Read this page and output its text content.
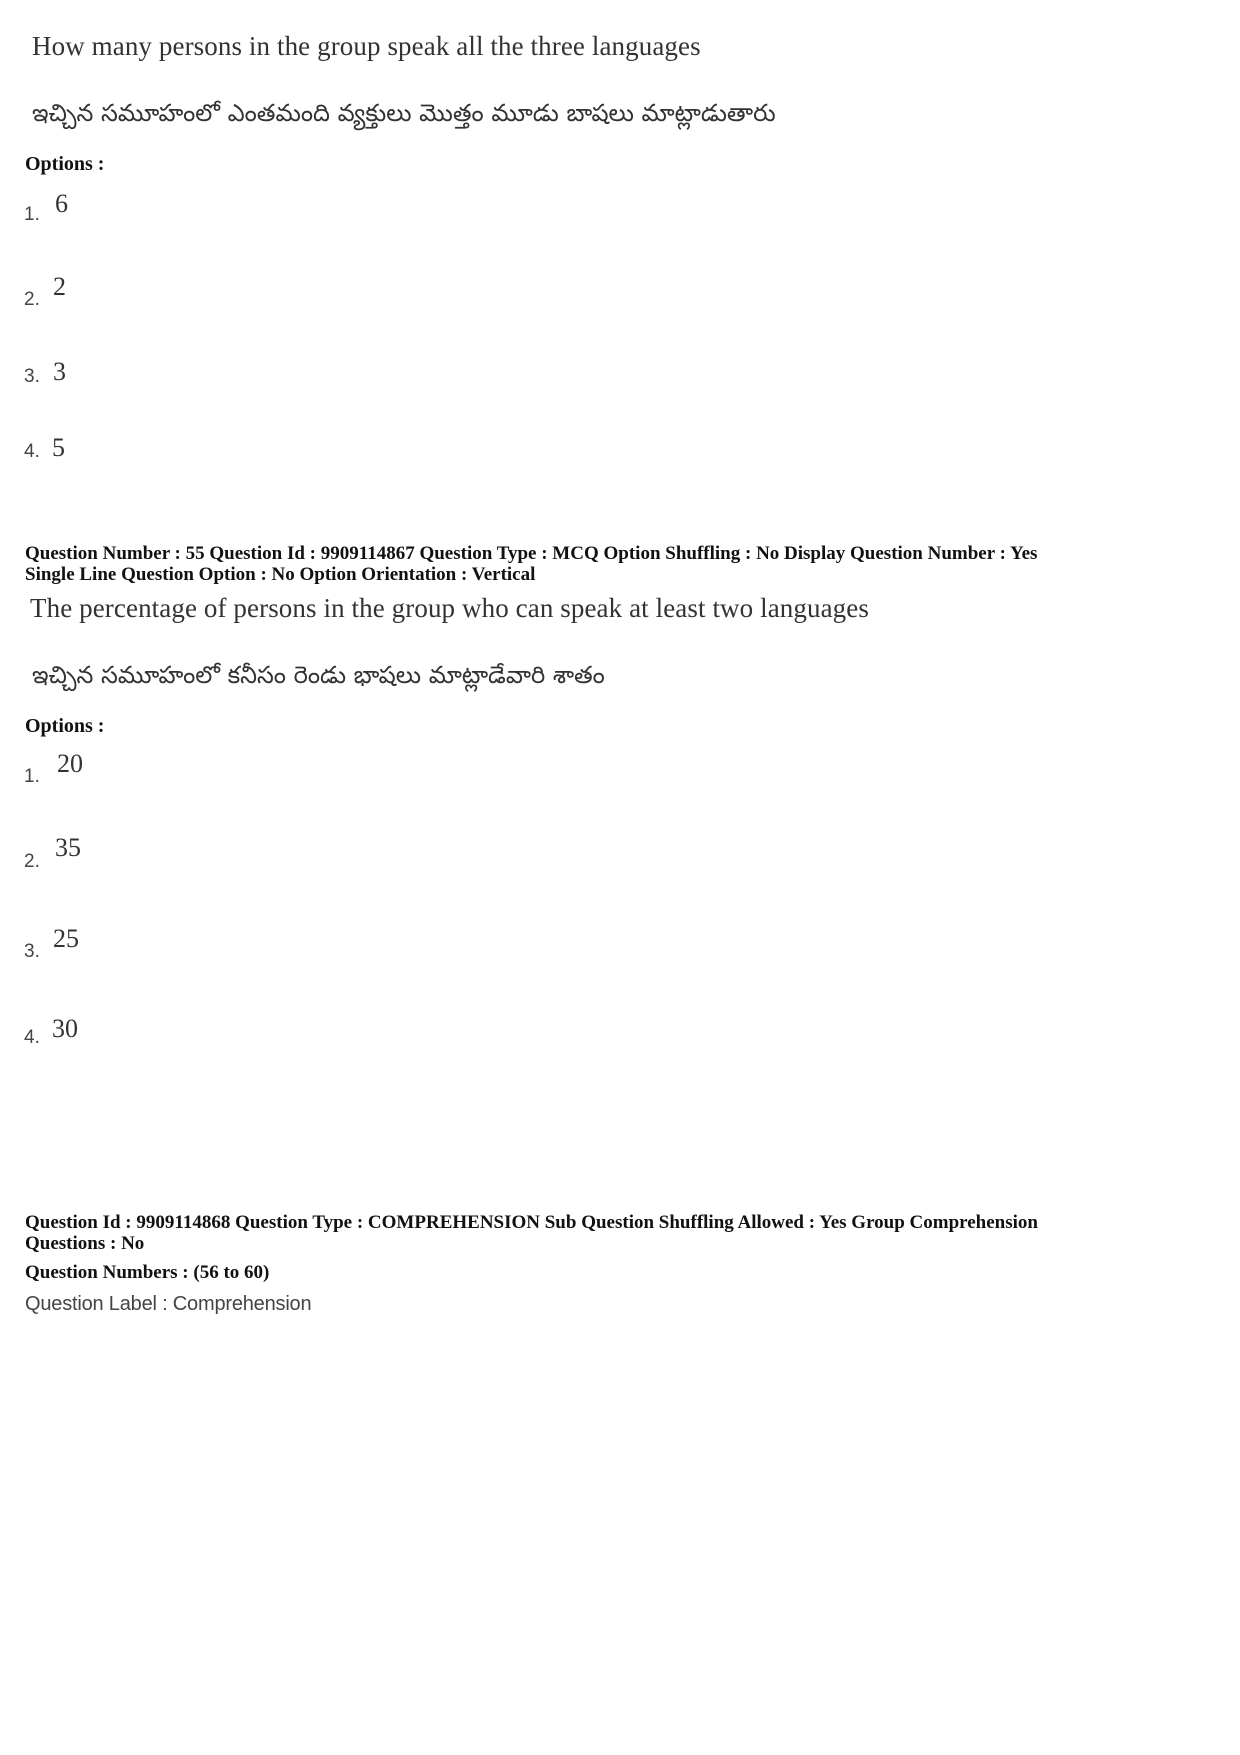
How many persons in the group speak all the three languages
ఇచ్చిన సమూహంలో ఎంతమంది వ్యక్తులు మొత్తం మూడు బాషలు మాట్లాడుతారు
Options :
1. 6
2. 2
3. 3
4. 5
Question Number : 55 Question Id : 9909114867 Question Type : MCQ Option Shuffling : No Display Question Number : Yes
Single Line Question Option : No Option Orientation : Vertical
The percentage of persons in the group who can speak at least two languages
ఇచ్చిన సమూహంలో కనీసం రెండు భాషలు మాట్లాడేవారి శాతం
Options :
1. 20
2. 35
3. 25
4. 30
Question Id : 9909114868 Question Type : COMPREHENSION Sub Question Shuffling Allowed : Yes Group Comprehension
Questions : No
Question Numbers : (56 to 60)
Question Label : Comprehension
